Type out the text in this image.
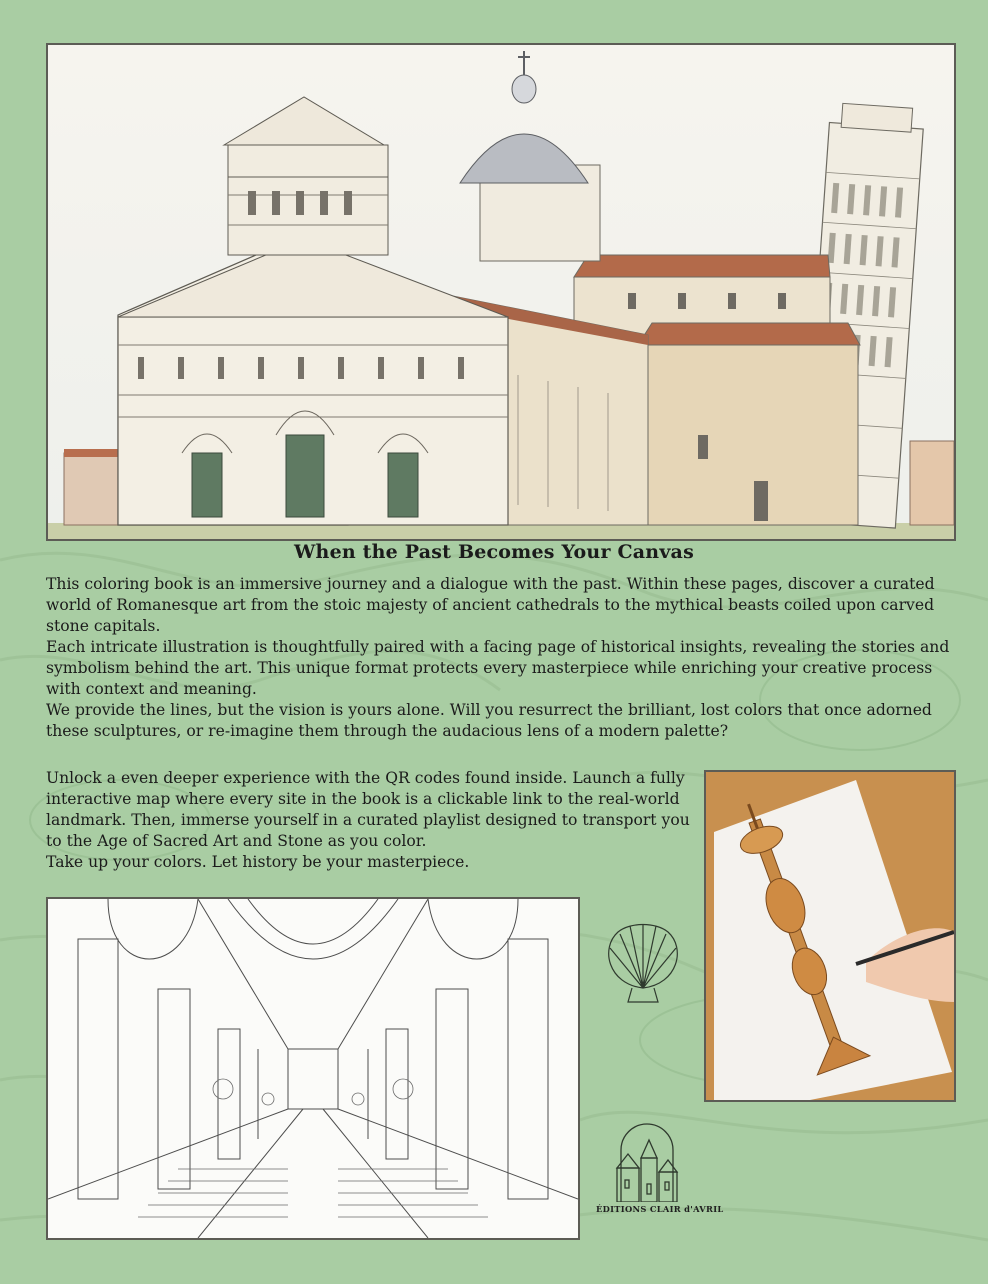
When the Past Becomes Your Canvas

This coloring book is an immersive journey and a dialogue with the past. Within these pages, discover a curated world of Romanesque art from the stoic majesty of ancient cathedrals to the mythical beasts coiled upon carved stone capitals.

Each intricate illustration is thoughtfully paired with a facing page of historical insights, revealing the stories and symbolism behind the art. This unique format protects every masterpiece while enriching your creative process with context and meaning.

We provide the lines, but the vision is yours alone. Will you resurrect the brilliant, lost colors that once adorned these sculptures, or re-imagine them through the audacious lens of a modern palette?

Unlock a even deeper experience with the QR codes found inside. Launch a fully interactive map where every site in the book is a clickable link to the real-world landmark. Then, immerse yourself in a curated playlist designed to transport you to the Age of Sacred Art and Stone as you color.

Take up your colors. Let history be your masterpiece.

ÉDITIONS CLAIR d'AVRIL
